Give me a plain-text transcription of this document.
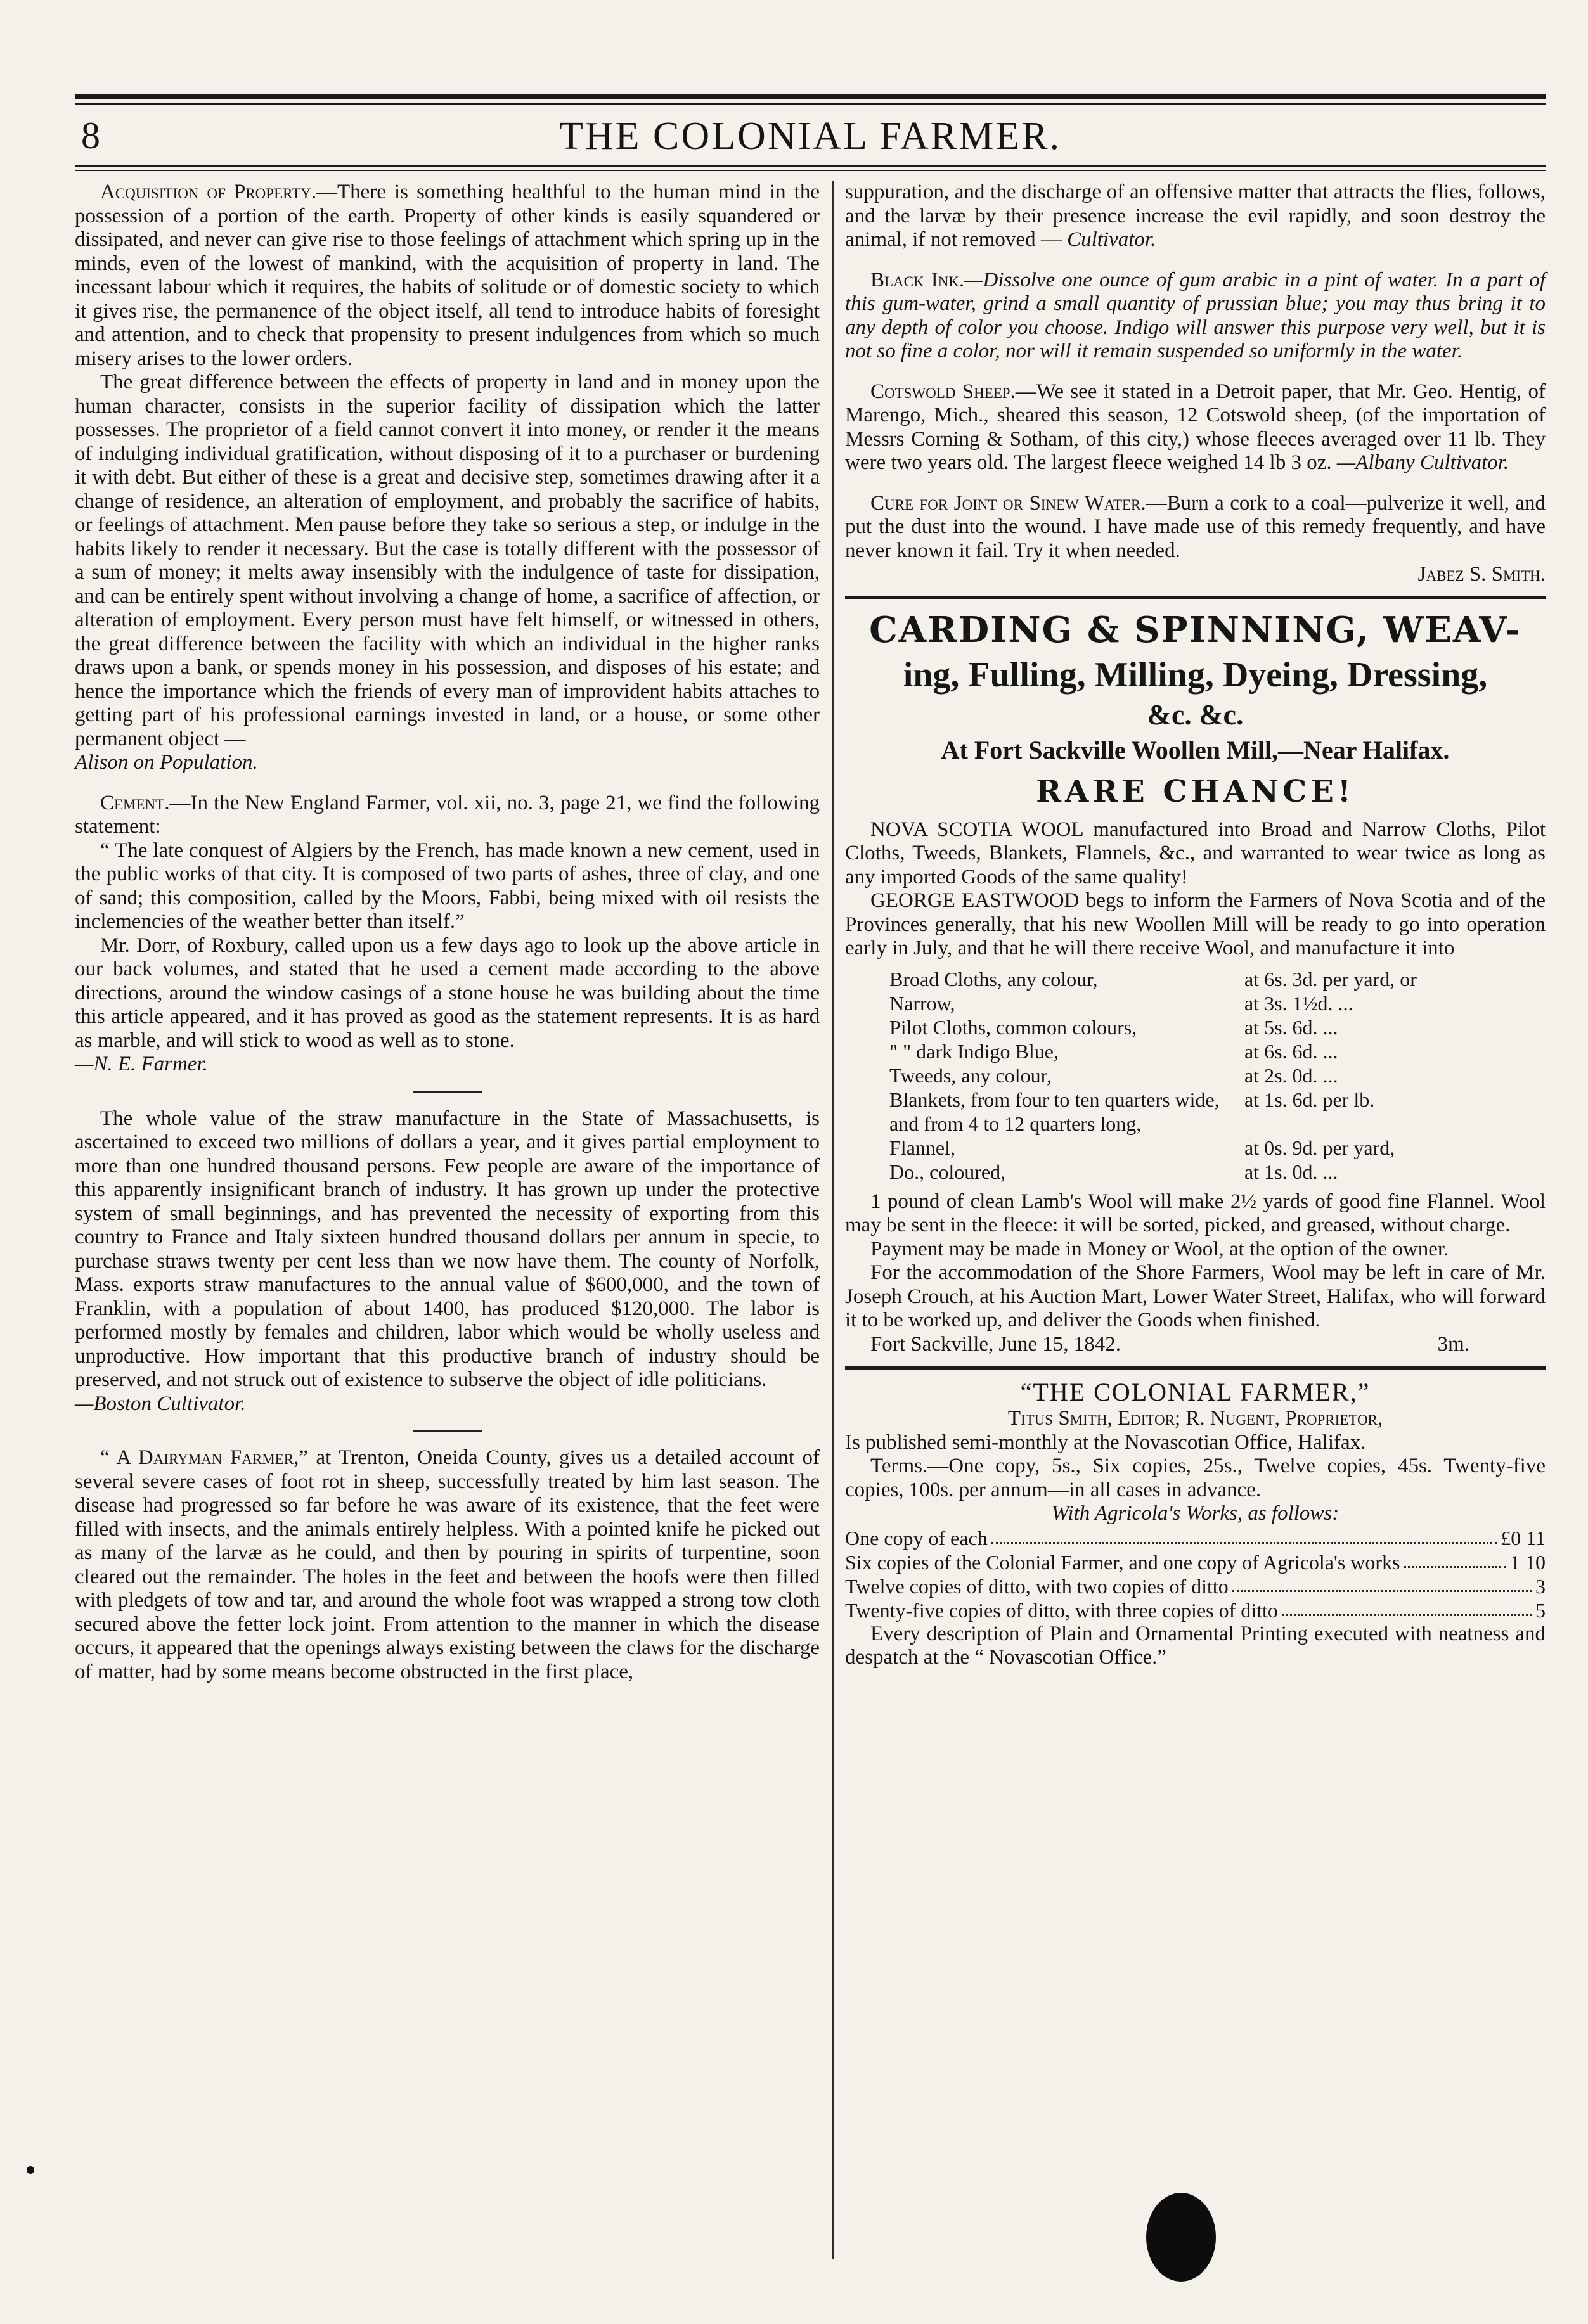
8	THE COLONIAL FARMER.

Acquisition of Property.—There is something healthful to the human mind in the possession of a portion of the earth. Property of other kinds is easily squandered or dissipated, and never can give rise to those feelings of attachment which spring up in the minds, even of the lowest of mankind, with the acquisition of property in land. The incessant labour which it requires, the habits of solitude or of domestic society to which it gives rise, the permanence of the object itself, all tend to introduce habits of foresight and attention, and to check that propensity to present indulgences from which so much misery arises to the lower orders.

The great difference between the effects of property in land and in money upon the human character, consists in the superior facility of dissipation which the latter possesses. The proprietor of a field cannot convert it into money, or render it the means of indulging individual gratification, without disposing of it to a purchaser or burdening it with debt. But either of these is a great and decisive step, sometimes drawing after it a change of residence, an alteration of employment, and probably the sacrifice of habits, or feelings of attachment. Men pause before they take so serious a step, or indulge in the habits likely to render it necessary. But the case is totally different with the possessor of a sum of money; it melts away insensibly with the indulgence of taste for dissipation, and can be entirely spent without involving a change of home, a sacrifice of affection, or alteration of employment. Every person must have felt himself, or witnessed in others, the great difference between the facility with which an individual in the higher ranks draws upon a bank, or spends money in his possession, and disposes of his estate; and hence the importance which the friends of every man of improvident habits attaches to getting part of his professional earnings invested in land, or a house, or some other permanent object —

Alison on Population.

Cement.—In the New England Farmer, vol. xii, no. 3, page 21, we find the following statement:

“ The late conquest of Algiers by the French, has made known a new cement, used in the public works of that city. It is composed of two parts of ashes, three of clay, and one of sand; this composition, called by the Moors, Fabbi, being mixed with oil resists the inclemencies of the weather better than itself.”

Mr. Dorr, of Roxbury, called upon us a few days ago to look up the above article in our back volumes, and stated that he used a cement made according to the above directions, around the window casings of a stone house he was building about the time this article appeared, and it has proved as good as the statement represents. It is as hard as marble, and will stick to wood as well as to stone.

—N. E. Farmer.

The whole value of the straw manufacture in the State of Massachusetts, is ascertained to exceed two millions of dollars a year, and it gives partial employment to more than one hundred thousand persons. Few people are aware of the importance of this apparently insignificant branch of industry. It has grown up under the protective system of small beginnings, and has prevented the necessity of exporting from this country to France and Italy sixteen hundred thousand dollars per annum in specie, to purchase straws twenty per cent less than we now have them. The county of Norfolk, Mass. exports straw manufactures to the annual value of $600,000, and the town of Franklin, with a population of about 1400, has produced $120,000. The labor is performed mostly by females and children, labor which would be wholly useless and unproductive. How important that this productive branch of industry should be preserved, and not struck out of existence to subserve the object of idle politicians.

—Boston Cultivator.

“ A Dairyman Farmer,” at Trenton, Oneida County, gives us a detailed account of several severe cases of foot rot in sheep, successfully treated by him last season. The disease had progressed so far before he was aware of its existence, that the feet were filled with insects, and the animals entirely helpless. With a pointed knife he picked out as many of the larvæ as he could, and then by pouring in spirits of turpentine, soon cleared out the remainder. The holes in the feet and between the hoofs were then filled with pledgets of tow and tar, and around the whole foot was wrapped a strong tow cloth secured above the fetter lock joint. From attention to the manner in which the disease occurs, it appeared that the openings always existing between the claws for the discharge of matter, had by some means become obstructed in the first place,

suppuration, and the discharge of an offensive matter that attracts the flies, follows, and the larvæ by their presence increase the evil rapidly, and soon destroy the animal, if not removed — Cultivator.

Black Ink.—Dissolve one ounce of gum arabic in a pint of water. In a part of this gum-water, grind a small quantity of prussian blue; you may thus bring it to any depth of color you choose. Indigo will answer this purpose very well, but it is not so fine a color, nor will it remain suspended so uniformly in the water.

Cotswold Sheep.—We see it stated in a Detroit paper, that Mr. Geo. Hentig, of Marengo, Mich., sheared this season, 12 Cotswold sheep, (of the importation of Messrs Corning & Sotham, of this city,) whose fleeces averaged over 11 lb. They were two years old. The largest fleece weighed 14 lb 3 oz. —Albany Cultivator.

Cure for Joint or Sinew Water.—Burn a cork to a coal—pulverize it well, and put the dust into the wound. I have made use of this remedy frequently, and have never known it fail. Try it when needed.

Jabez S. Smith.

CARDING & SPINNING, WEAV-
ing, Fulling, Milling, Dyeing, Dressing,
&c. &c.
At Fort Sackville Woollen Mill,—Near Halifax.
RARE CHANCE!

NOVA SCOTIA WOOL manufactured into Broad and Narrow Cloths, Pilot Cloths, Tweeds, Blankets, Flannels, &c., and warranted to wear twice as long as any imported Goods of the same quality!

GEORGE EASTWOOD begs to inform the Farmers of Nova Scotia and of the Provinces generally, that his new Woollen Mill will be ready to go into operation early in July, and that he will there receive Wool, and manufacture it into

Broad Cloths, any colour,	at 6s. 3d. per yard, or
Narrow,	at 3s. 1½d. ...
Pilot Cloths, common colours,	at 5s. 6d. ...
" " dark Indigo Blue,	at 6s. 6d. ...
Tweeds, any colour,	at 2s. 0d. ...
Blankets, from four to ten quarters wide, and from 4 to 12 quarters long,	at 1s. 6d. per lb.
Flannel,	at 0s. 9d. per yard,
Do., coloured,	at 1s. 0d. ...

1 pound of clean Lamb's Wool will make 2½ yards of good fine Flannel. Wool may be sent in the fleece: it will be sorted, picked, and greased, without charge.

Payment may be made in Money or Wool, at the option of the owner.

For the accommodation of the Shore Farmers, Wool may be left in care of Mr. Joseph Crouch, at his Auction Mart, Lower Water Street, Halifax, who will forward it to be worked up, and deliver the Goods when finished.

Fort Sackville, June 15, 1842.	3m.

“THE COLONIAL FARMER,”

Titus Smith, Editor; R. Nugent, Proprietor,

Is published semi-monthly at the Novascotian Office, Halifax.

Terms.—One copy, 5s., Six copies, 25s., Twelve copies, 45s. Twenty-five copies, 100s. per annum—in all cases in advance.

With Agricola's Works, as follows:

One copy of each	£0 11
Six copies of the Colonial Farmer, and one copy of Agricola's works	1 10
Twelve copies of ditto, with two copies of ditto	3
Twenty-five copies of ditto, with three copies of ditto	5

Every description of Plain and Ornamental Printing executed with neatness and despatch at the “ Novascotian Office.”
